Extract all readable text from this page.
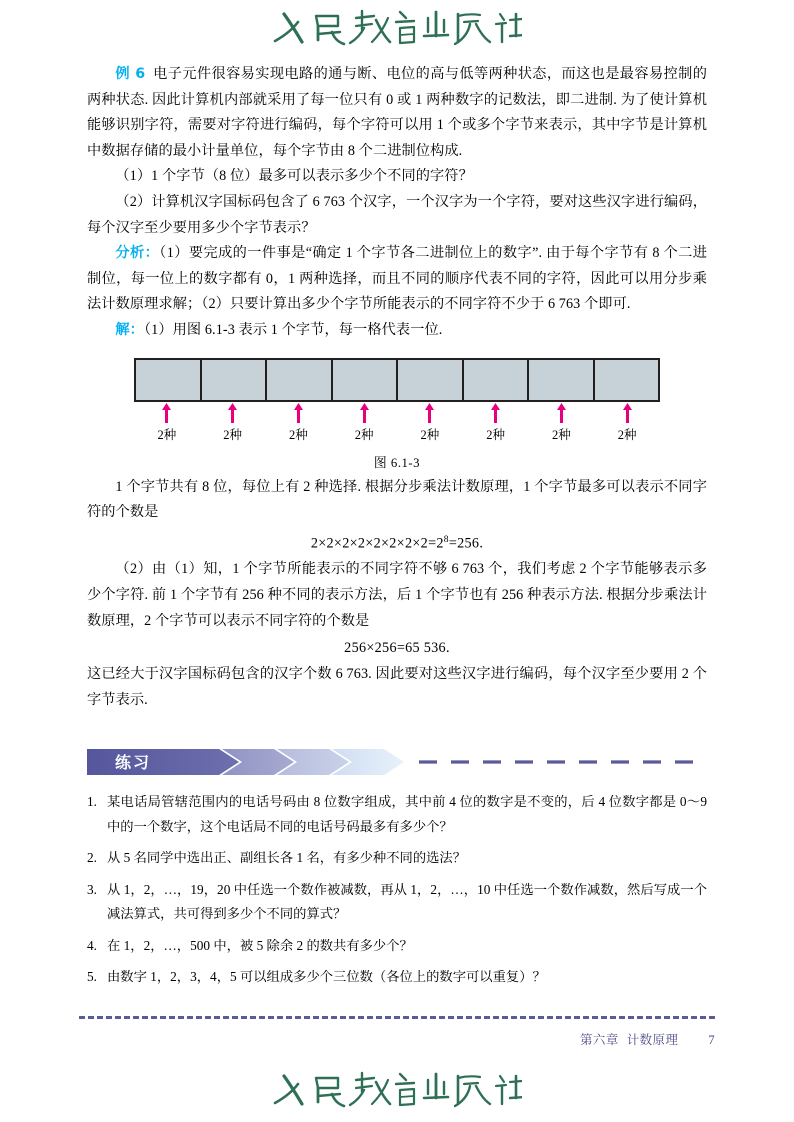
例 6 电子元件很容易实现电路的通与断、电位的高与低等两种状态，而这也是最容易控制的两种状态. 因此计算机内部就采用了每一位只有 0 或 1 两种数字的记数法，即二进制. 为了使计算机能够识别字符，需要对字符进行编码，每个字符可以用 1 个或多个字节来表示，其中字节是计算机中数据存储的最小计量单位，每个字节由 8 个二进制位构成.

（1）1 个字节（8 位）最多可以表示多少个不同的字符？

（2）计算机汉字国标码包含了 6 763 个汉字，一个汉字为一个字符，要对这些汉字进行编码，每个汉字至少要用多少个字节表示？

分析：（1）要完成的一件事是“确定 1 个字节各二进制位上的数字”. 由于每个字节有 8 个二进制位，每一位上的数字都有 0，1 两种选择，而且不同的顺序代表不同的字符，因此可以用分步乘法计数原理求解；（2）只要计算出多少个字节所能表示的不同字符不少于 6 763 个即可.

解：（1）用图 6.1-3 表示 1 个字节，每一格代表一位.

2种	2种	2种	2种	2种	2种	2种	2种
图 6.1-3

1 个字节共有 8 位，每位上有 2 种选择. 根据分步乘法计数原理，1 个字节最多可以表示不同字符的个数是

$2\times 2\times 2\times 2\times 2\times 2\times 2\times 2=2^8=256$.

（2）由（1）知，1 个字节所能表示的不同字符不够 6 763 个，我们考虑 2 个字节能够表示多少个字符. 前 1 个字节有 256 种不同的表示方法，后 1 个字节也有 256 种表示方法. 根据分步乘法计数原理，2 个字节可以表示不同字符的个数是

256×256=65 536.

这已经大于汉字国标码包含的汉字个数 6 763. 因此要对这些汉字进行编码，每个汉字至少要用 2 个字节表示.

练习
1. 某电话局管辖范围内的电话号码由 8 位数字组成，其中前 4 位的数字是不变的，后 4 位数字都是 0～9 中的一个数字，这个电话局不同的电话号码最多有多少个？
2. 从 5 名同学中选出正、副组长各 1 名，有多少种不同的选法？
3. 从 1，2，…，19，20 中任选一个数作被减数，再从 1，2，…，10 中任选一个数作减数，然后写成一个减法算式，共可得到多少个不同的算式？
4. 在 1，2，…，500 中，被 5 除余 2 的数共有多少个？
5. 由数字 1，2，3，4，5 可以组成多少个三位数（各位上的数字可以重复）？
第六章 计数原理 7
